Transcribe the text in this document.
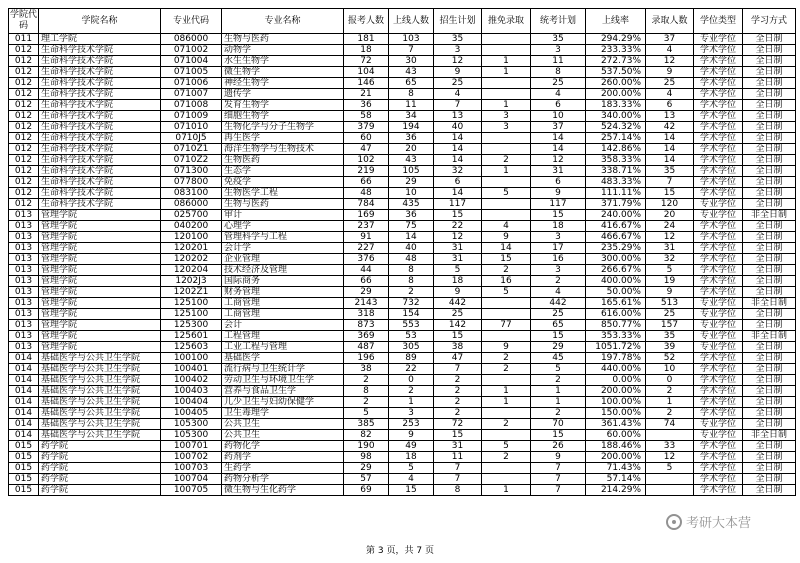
学院代码	学院名称	专业代码	专业名称	报考人数	上线人数	招生计划	推免录取	统考计划	上线率	录取人数	学位类型	学习方式
011	理工学院	086000	生物与医药	181	103	35		35	294.29%	37	专业学位	全日制
012	生命科学技术学院	071002	动物学	18	7	3		3	233.33%	4	学术学位	全日制
012	生命科学技术学院	071004	水生生物学	72	30	12	1	11	272.73%	12	学术学位	全日制
012	生命科学技术学院	071005	微生物学	104	43	9	1	8	537.50%	9	学术学位	全日制
012	生命科学技术学院	071006	神经生物学	146	65	25		25	260.00%	25	学术学位	全日制
012	生命科学技术学院	071007	遗传学	21	8	4		4	200.00%	4	学术学位	全日制
012	生命科学技术学院	071008	发育生物学	36	11	7	1	6	183.33%	6	学术学位	全日制
012	生命科学技术学院	071009	细胞生物学	58	34	13	3	10	340.00%	13	学术学位	全日制
012	生命科学技术学院	071010	生物化学与分子生物学	379	194	40	3	37	524.32%	42	学术学位	全日制
012	生命科学技术学院	0710J5	再生医学	60	36	14		14	257.14%	14	学术学位	全日制
012	生命科学技术学院	0710Z1	海洋生物学与生物技术	47	20	14		14	142.86%	14	学术学位	全日制
012	生命科学技术学院	0710Z2	生物医药	102	43	14	2	12	358.33%	14	学术学位	全日制
012	生命科学技术学院	071300	生态学	219	105	32	1	31	338.71%	35	学术学位	全日制
012	生命科学技术学院	077800	免疫学	66	29	6		6	483.33%	7	学术学位	全日制
012	生命科学技术学院	083100	生物医学工程	48	10	14	5	9	111.11%	15	学术学位	全日制
012	生命科学技术学院	086000	生物与医药	784	435	117		117	371.79%	120	专业学位	全日制
013	管理学院	025700	审计	169	36	15		15	240.00%	20	专业学位	非全日制
013	管理学院	040200	心理学	237	75	22	4	18	416.67%	24	学术学位	全日制
013	管理学院	120100	管理科学与工程	91	14	12	9	3	466.67%	12	学术学位	全日制
013	管理学院	120201	会计学	227	40	31	14	17	235.29%	31	学术学位	全日制
013	管理学院	120202	企业管理	376	48	31	15	16	300.00%	32	学术学位	全日制
013	管理学院	120204	技术经济及管理	44	8	5	2	3	266.67%	5	学术学位	全日制
013	管理学院	1202J3	国际商务	66	8	18	16	2	400.00%	19	学术学位	全日制
013	管理学院	1202Z1	财务管理	29	2	9	5	4	50.00%	9	学术学位	全日制
013	管理学院	125100	工商管理	2143	732	442		442	165.61%	513	专业学位	非全日制
013	管理学院	125100	工商管理	318	154	25		25	616.00%	25	专业学位	全日制
013	管理学院	125300	会计	873	553	142	77	65	850.77%	157	专业学位	全日制
013	管理学院	125601	工程管理	369	53	15		15	353.33%	35	专业学位	非全日制
013	管理学院	125603	工业工程与管理	487	305	38	9	29	1051.72%	39	专业学位	全日制
014	基础医学与公共卫生学院	100100	基础医学	196	89	47	2	45	197.78%	52	学术学位	全日制
014	基础医学与公共卫生学院	100401	流行病与卫生统计学	38	22	7	2	5	440.00%	10	学术学位	全日制
014	基础医学与公共卫生学院	100402	劳动卫生与环境卫生学	2	0	2		2	0.00%	0	学术学位	全日制
014	基础医学与公共卫生学院	100403	营养与食品卫生学	8	2	2	1	1	200.00%	2	学术学位	全日制
014	基础医学与公共卫生学院	100404	儿少卫生与妇幼保健学	2	1	2	1	1	100.00%	1	学术学位	全日制
014	基础医学与公共卫生学院	100405	卫生毒理学	5	3	2		2	150.00%	2	学术学位	全日制
014	基础医学与公共卫生学院	105300	公共卫生	385	253	72	2	70	361.43%	74	专业学位	全日制
014	基础医学与公共卫生学院	105300	公共卫生	82	9	15		15	60.00%		专业学位	非全日制
015	药学院	100701	药物化学	190	49	31	5	26	188.46%	33	学术学位	全日制
015	药学院	100702	药剂学	98	18	11	2	9	200.00%	12	学术学位	全日制
015	药学院	100703	生药学	29	5	7		7	71.43%	5	学术学位	全日制
015	药学院	100704	药物分析学	57	4	7		7	57.14%		学术学位	全日制
015	药学院	100705	微生物与生化药学	69	15	8	1	7	214.29%		学术学位	全日制
第 3 页，共 7 页
考研大本营
